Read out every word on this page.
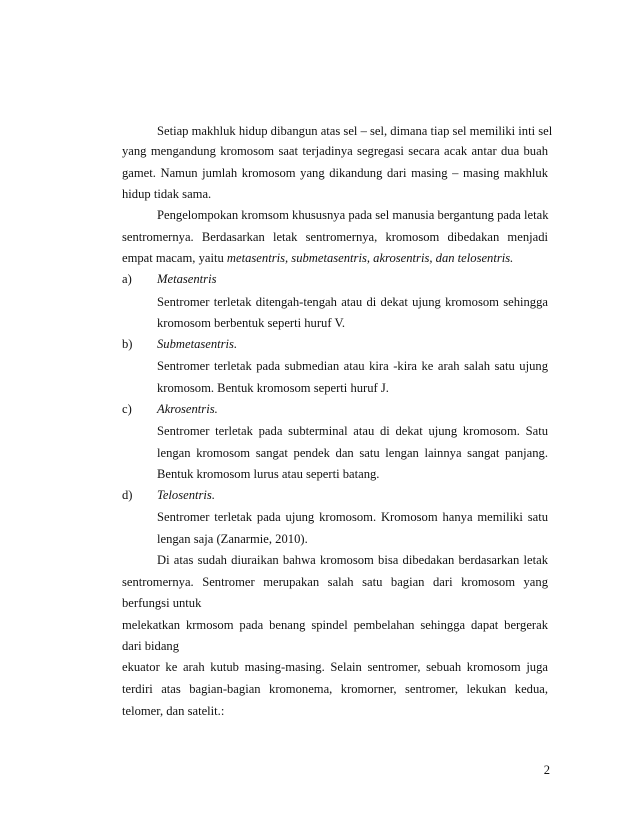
Setiap makhluk hidup dibangun atas sel – sel, dimana tiap sel memiliki inti sel
yang mengandung kromosom saat terjadinya segregasi secara acak antar dua buah
gamet. Namun jumlah kromosom yang dikandung dari masing – masing makhluk
hidup tidak sama.
Pengelompokan kromsom khususnya pada sel manusia bergantung pada letak
sentromernya. Berdasarkan letak sentromernya, kromosom dibedakan menjadi
empat macam, yaitu metasentris, submetasentris, akrosentris, dan telosentris.
a)	Metasentris
Sentromer terletak ditengah-tengah atau di dekat ujung kromosom sehingga
kromosom berbentuk seperti huruf V.
b)	Submetasentris.
Sentromer terletak pada submedian atau kira -kira ke arah salah satu ujung
kromosom. Bentuk kromosom seperti huruf J.
c)	Akrosentris.
Sentromer terletak pada subterminal atau di dekat ujung kromosom. Satu
lengan kromosom sangat pendek dan satu lengan lainnya sangat panjang.
Bentuk kromosom lurus atau seperti batang.
d)	Telosentris.
Sentromer terletak pada ujung kromosom. Kromosom hanya memiliki satu
lengan saja (Zanarmie, 2010).
Di atas sudah diuraikan bahwa kromosom bisa dibedakan berdasarkan letak
sentromernya. Sentromer merupakan salah satu bagian dari kromosom yang
berfungsi untuk
melekatkan krmosom pada benang spindel pembelahan sehingga dapat bergerak
dari bidang
ekuator ke arah kutub masing-masing. Selain sentromer, sebuah kromosom juga
terdiri atas bagian-bagian kromonema, kromorner, sentromer, lekukan kedua,
telomer, dan satelit.:
2
